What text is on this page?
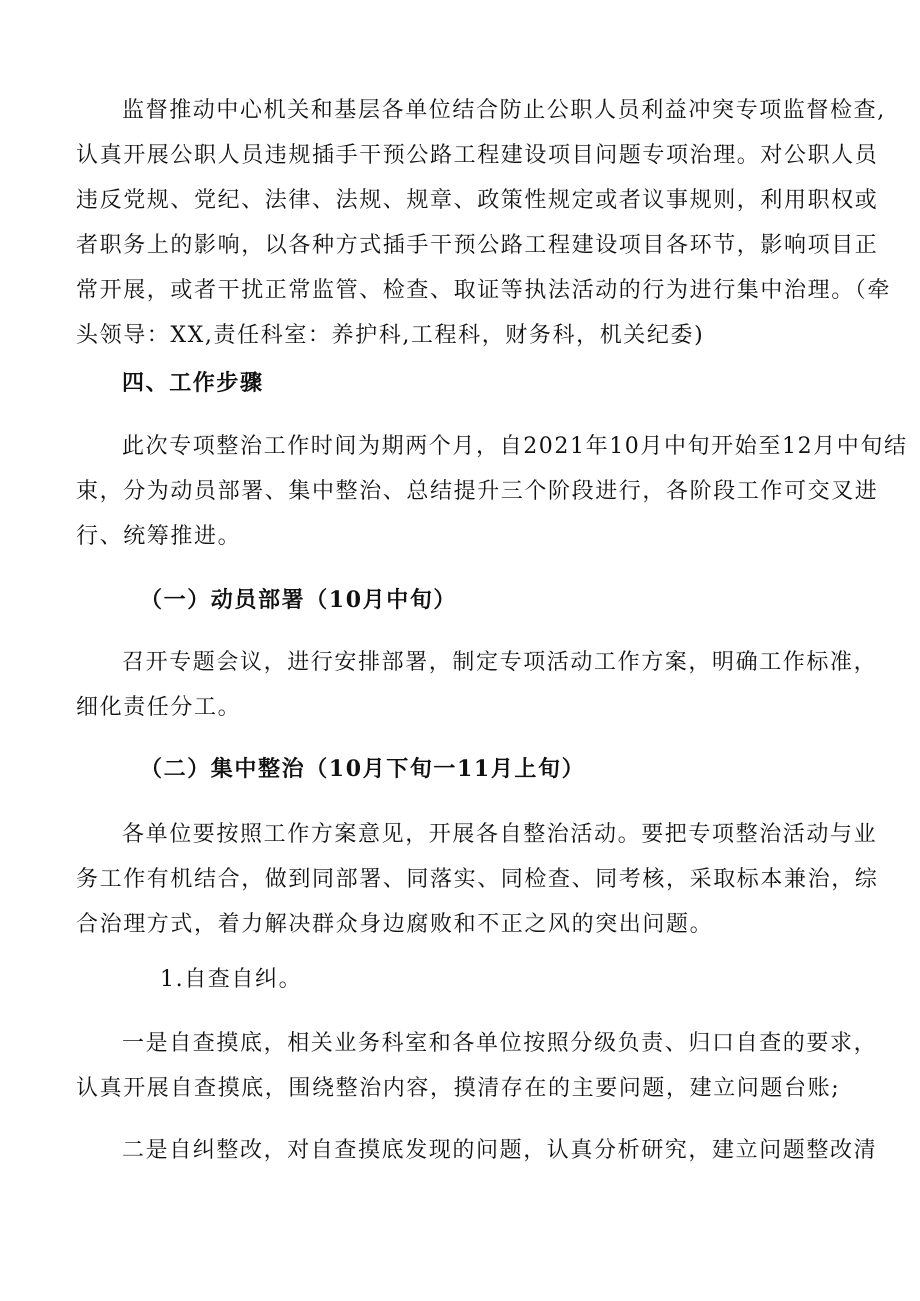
监督推动中心机关和基层各单位结合防止公职人员利益冲突专项监督检查,
认真开展公职人员违规插手干预公路工程建设项目问题专项治理。对公职人员
违反党规、党纪、法律、法规、规章、政策性规定或者议事规则，利用职权或
者职务上的影响，以各种方式插手干预公路工程建设项目各环节，影响项目正
常开展，或者干扰正常监管、检查、取证等执法活动的行为进行集中治理。（牵
头领导：XX,责任科室：养护科,工程科，财务科，机关纪委)

四、工作步骤

此次专项整治工作时间为期两个月，自2021年10月中旬开始至12月中旬结
束，分为动员部署、集中整治、总结提升三个阶段进行，各阶段工作可交叉进
行、统筹推进。

（一）动员部署（10月中旬）

召开专题会议，进行安排部署，制定专项活动工作方案，明确工作标准，
细化责任分工。

（二）集中整治（10月下旬一11月上旬）

各单位要按照工作方案意见，开展各自整治活动。要把专项整治活动与业
务工作有机结合，做到同部署、同落实、同检查、同考核，采取标本兼治，综
合治理方式，着力解决群众身边腐败和不正之风的突出问题。

1.自查自纠。

一是自查摸底，相关业务科室和各单位按照分级负责、归口自查的要求，
认真开展自查摸底，围绕整治内容，摸清存在的主要问题，建立问题台账;

二是自纠整改，对自查摸底发现的问题，认真分析研究，建立问题整改清
